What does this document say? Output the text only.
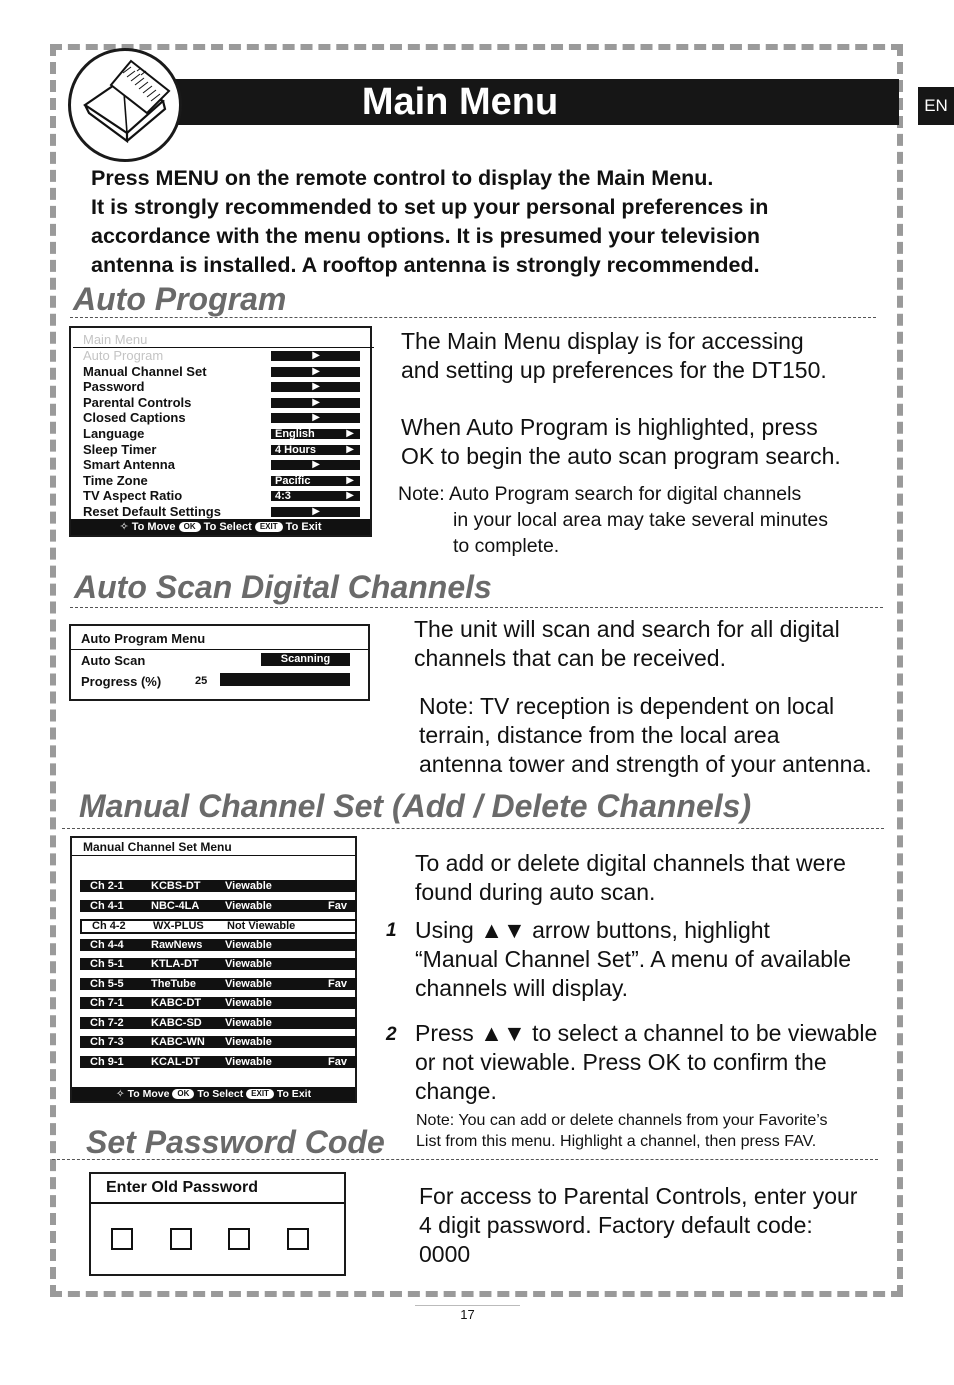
Main Menu	EN
Press MENU on the remote control to display the Main Menu.
It is strongly recommended to set up your personal preferences in
accordance with the menu options. It is presumed your television
antenna is installed. A rooftop antenna is strongly recommended.
Auto Program
Main Menu
Auto Program	▶
Manual Channel Set	▶
Password	▶
Parental Controls	▶
Closed Captions	▶
Language	English	▶
Sleep Timer	4 Hours	▶
Smart Antenna	▶
Time Zone	Pacific	▶
TV Aspect Ratio	4:3	▶
Reset Default Settings	▶
✧ To Move OK To Select EXIT To Exit
The Main Menu display is for accessing
and setting up preferences for the DT150.
When Auto Program is highlighted, press
OK to begin the auto scan program search.
Note: Auto Program search for digital channels
in your local area may take several minutes
to complete.
Auto Scan Digital Channels
Auto Program Menu
Auto Scan	Scanning
Progress (%)	25
The unit will scan and search for all digital
channels that can be received.
Note: TV reception is dependent on local
terrain, distance from the local area
antenna tower and strength of your antenna.
Manual Channel Set (Add / Delete Channels)
Manual Channel Set Menu
Ch 2-1 KCBS-DT Viewable
Ch 4-1 NBC-4LA Viewable	Fav
Ch 4-2 WX-PLUS Not Viewable
Ch 4-4 RawNews Viewable
Ch 5-1 KTLA-DT Viewable
Ch 5-5 TheTube	Viewable	Fav
Ch 7-1 KABC-DT Viewable
Ch 7-2 KABC-SD Viewable
Ch 7-3 KABC-WN Viewable
Ch 9-1 KCAL-DT Viewable	Fav
✧ To Move OK To Select EXIT To Exit
To add or delete digital channels that were
found during auto scan.
1 Using ▲▼ arrow buttons, highlight
“Manual Channel Set”. A menu of available
channels will display.
2 Press ▲▼ to select a channel to be viewable
or not viewable. Press OK to confirm the
change.
Note: You can add or delete channels from your Favorite’s
List from this menu. Highlight a channel, then press FAV.
Set Password Code
Enter Old Password	For access to Parental Controls, enter your
4 digit password. Factory default code:
0000
17
